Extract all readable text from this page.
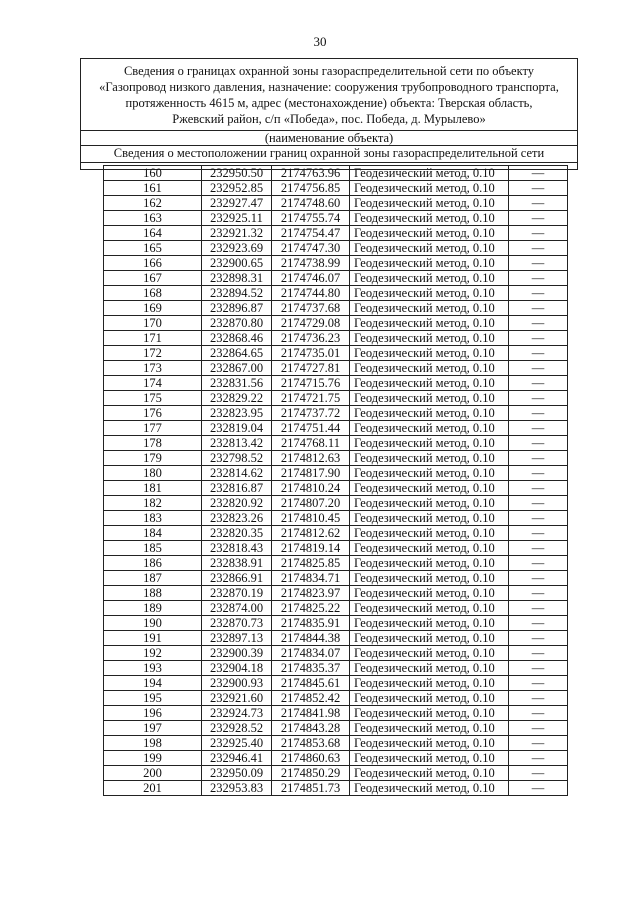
30
Сведения о границах охранной зоны газораспределительной сети по объекту
«Газопровод низкого давления, назначение: сооружения трубопроводного транспорта,
протяженность 4615 м, адрес (местонахождение) объекта: Тверская область,
Ржевский район, с/п «Победа», пос. Победа, д. Мурылево»
(наименование объекта)
Сведения о местоположении границ охранной зоны газораспределительной сети
160	232950.50	2174763.96	Геодезический метод, 0.10	—
161	232952.85	2174756.85	Геодезический метод, 0.10	—
162	232927.47	2174748.60	Геодезический метод, 0.10	—
163	232925.11	2174755.74	Геодезический метод, 0.10	—
164	232921.32	2174754.47	Геодезический метод, 0.10	—
165	232923.69	2174747.30	Геодезический метод, 0.10	—
166	232900.65	2174738.99	Геодезический метод, 0.10	—
167	232898.31	2174746.07	Геодезический метод, 0.10	—
168	232894.52	2174744.80	Геодезический метод, 0.10	—
169	232896.87	2174737.68	Геодезический метод, 0.10	—
170	232870.80	2174729.08	Геодезический метод, 0.10	—
171	232868.46	2174736.23	Геодезический метод, 0.10	—
172	232864.65	2174735.01	Геодезический метод, 0.10	—
173	232867.00	2174727.81	Геодезический метод, 0.10	—
174	232831.56	2174715.76	Геодезический метод, 0.10	—
175	232829.22	2174721.75	Геодезический метод, 0.10	—
176	232823.95	2174737.72	Геодезический метод, 0.10	—
177	232819.04	2174751.44	Геодезический метод, 0.10	—
178	232813.42	2174768.11	Геодезический метод, 0.10	—
179	232798.52	2174812.63	Геодезический метод, 0.10	—
180	232814.62	2174817.90	Геодезический метод, 0.10	—
181	232816.87	2174810.24	Геодезический метод, 0.10	—
182	232820.92	2174807.20	Геодезический метод, 0.10	—
183	232823.26	2174810.45	Геодезический метод, 0.10	—
184	232820.35	2174812.62	Геодезический метод, 0.10	—
185	232818.43	2174819.14	Геодезический метод, 0.10	—
186	232838.91	2174825.85	Геодезический метод, 0.10	—
187	232866.91	2174834.71	Геодезический метод, 0.10	—
188	232870.19	2174823.97	Геодезический метод, 0.10	—
189	232874.00	2174825.22	Геодезический метод, 0.10	—
190	232870.73	2174835.91	Геодезический метод, 0.10	—
191	232897.13	2174844.38	Геодезический метод, 0.10	—
192	232900.39	2174834.07	Геодезический метод, 0.10	—
193	232904.18	2174835.37	Геодезический метод, 0.10	—
194	232900.93	2174845.61	Геодезический метод, 0.10	—
195	232921.60	2174852.42	Геодезический метод, 0.10	—
196	232924.73	2174841.98	Геодезический метод, 0.10	—
197	232928.52	2174843.28	Геодезический метод, 0.10	—
198	232925.40	2174853.68	Геодезический метод, 0.10	—
199	232946.41	2174860.63	Геодезический метод, 0.10	—
200	232950.09	2174850.29	Геодезический метод, 0.10	—
201	232953.83	2174851.73	Геодезический метод, 0.10	—
